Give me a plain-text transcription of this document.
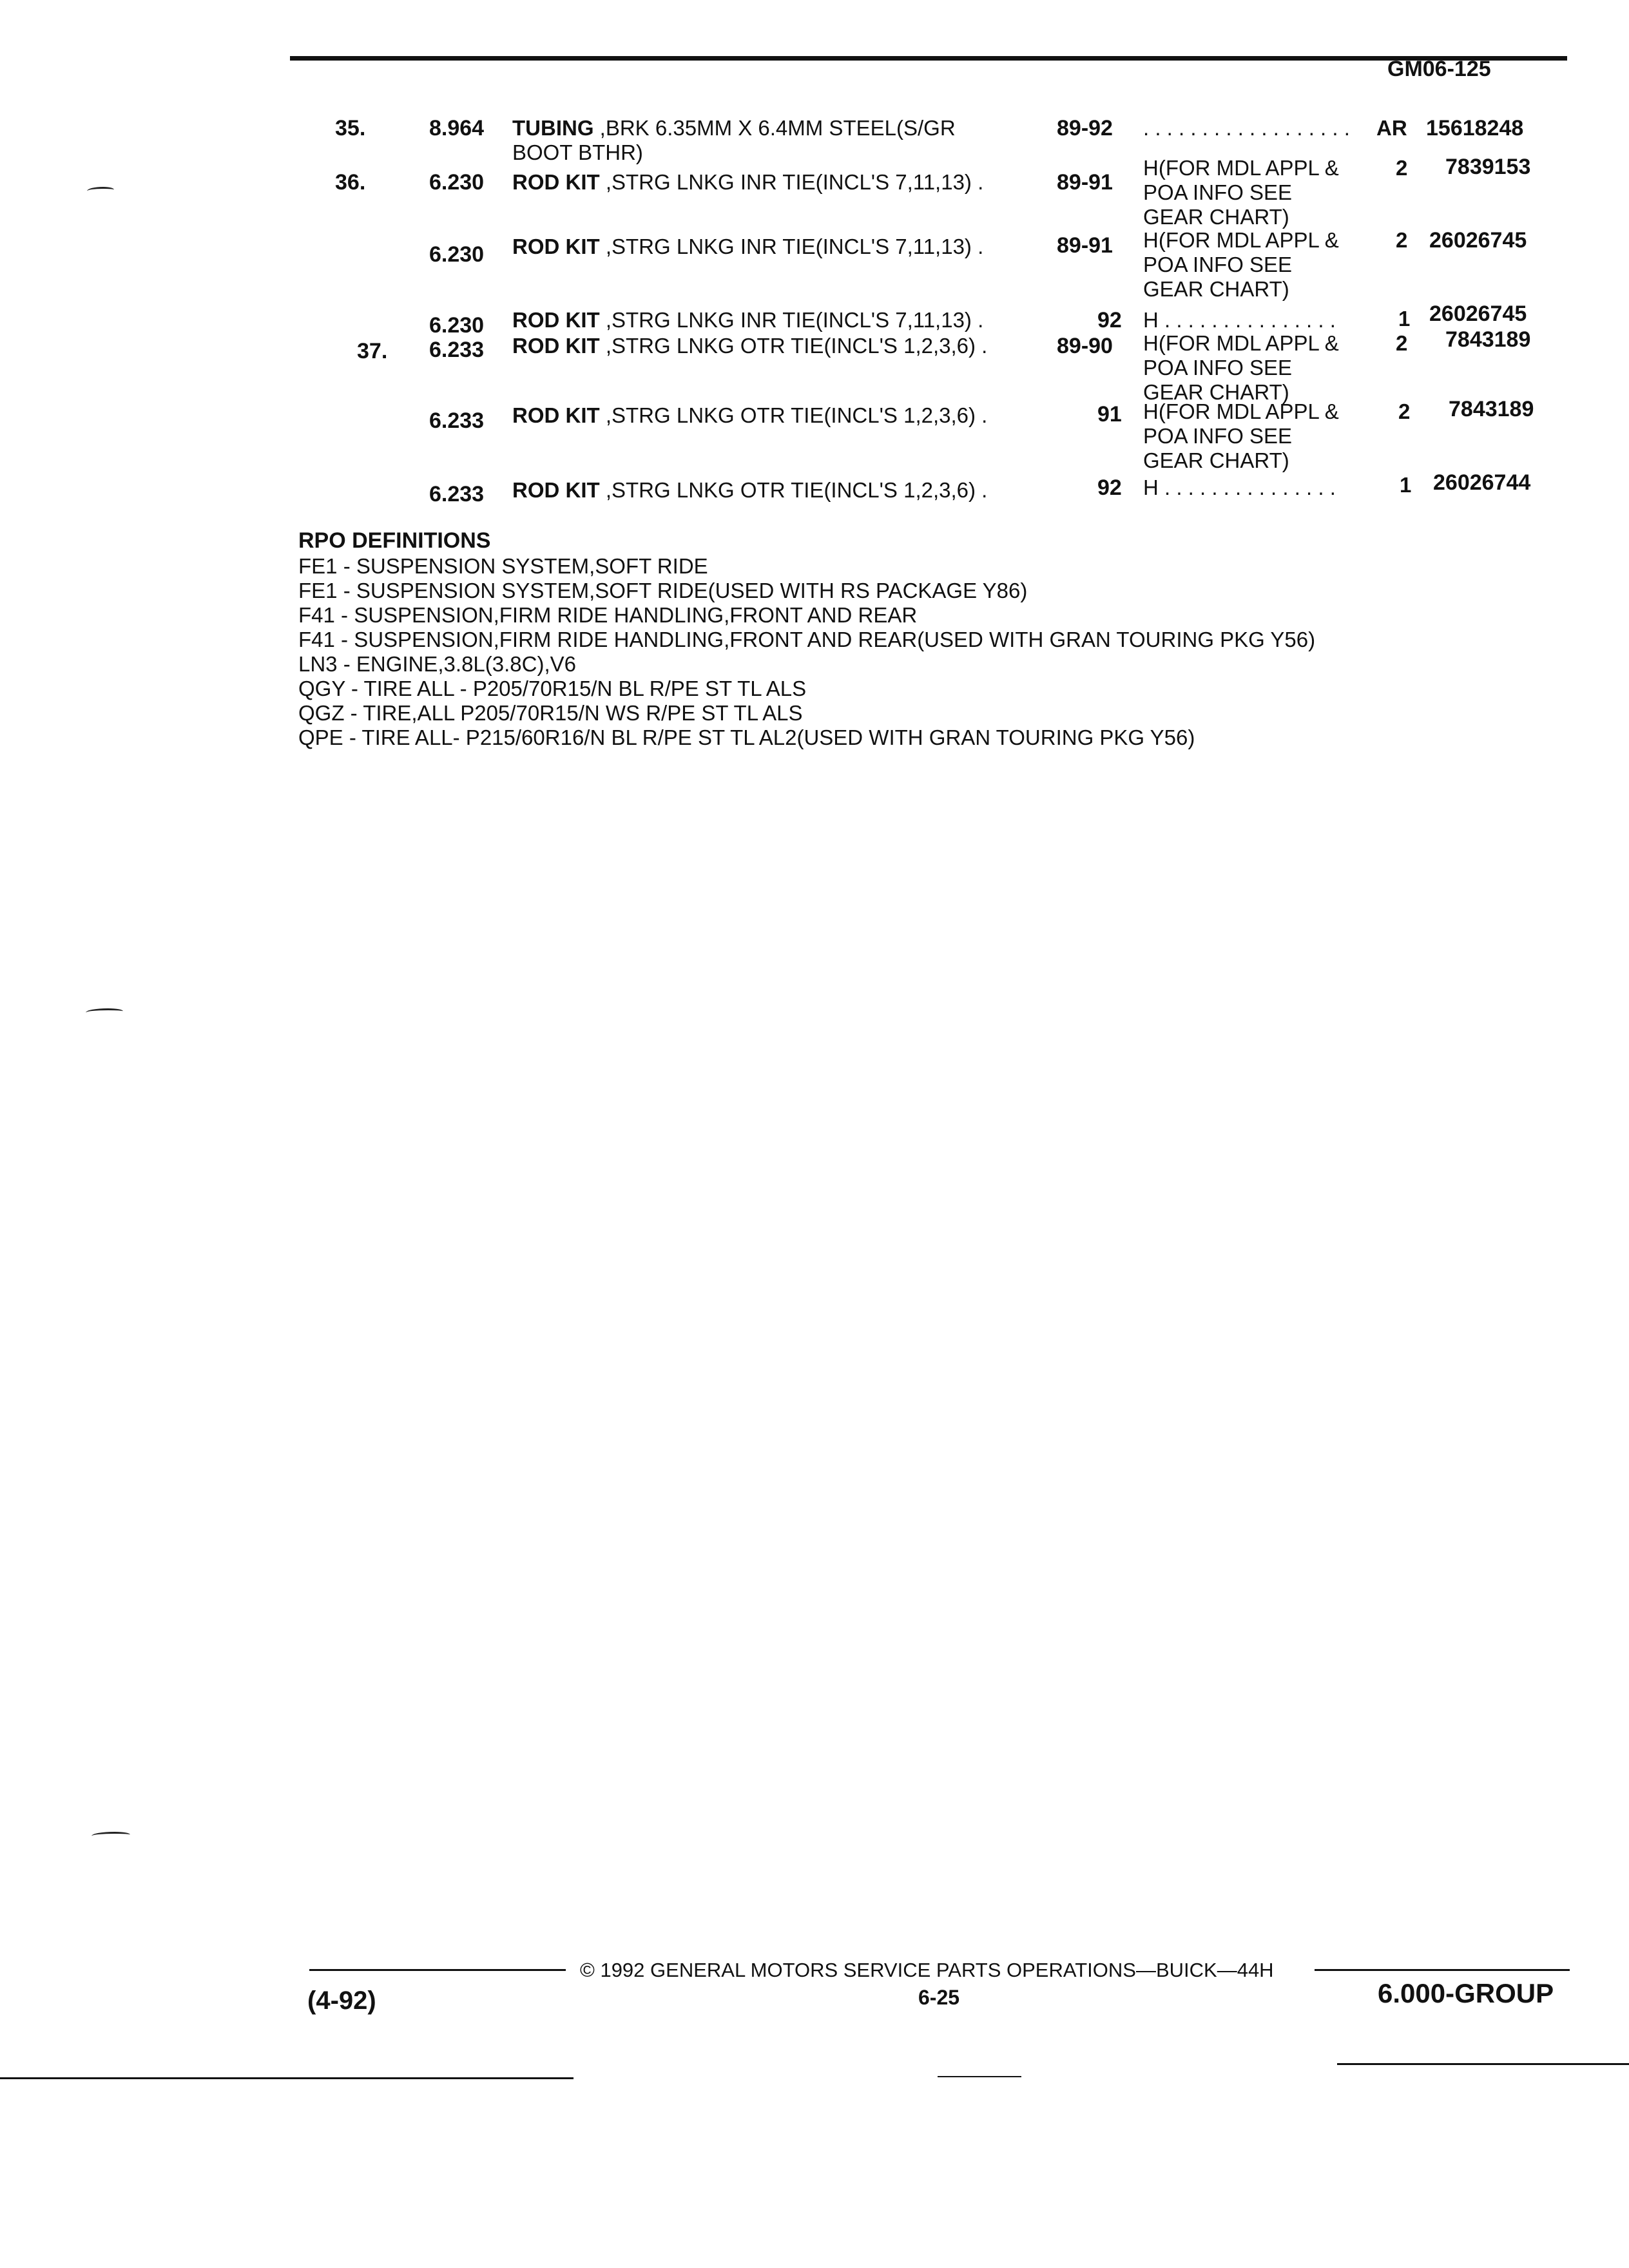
GM06-125
35.	8.964 TUBING ,BRK 6.35MM X 6.4MM STEEL(S/GR
BOOT BTHR)
89-92 . . . . . . . . . . . . . . . . . . AR 15618248
36.	6.230 ROD KIT ,STRG LNKG INR TIE(INCL'S 7,11,13) .	89-91
H(FOR MDL APPL &
POA INFO SEE
GEAR CHART)
2 7839153
6.230 ROD KIT ,STRG LNKG INR TIE(INCL'S 7,11,13) .	89-91 H(FOR MDL APPL &
POA INFO SEE
GEAR CHART)
2 26026745
6.230 ROD KIT ,STRG LNKG INR TIE(INCL'S 7,11,13) .	92 H . . . . . . . . . . . . . . .	1 26026745
37. 6.233 ROD KIT ,STRG LNKG OTR TIE(INCL'S 1,2,3,6) .	89-90 H(FOR MDL APPL &
POA INFO SEE
GEAR CHART)
2 7843189
6.233 ROD KIT ,STRG LNKG OTR TIE(INCL'S 1,2,3,6) .	91 H(FOR MDL APPL &
POA INFO SEE
GEAR CHART)
2 7843189
6.233 ROD KIT ,STRG LNKG OTR TIE(INCL'S 1,2,3,6) .	92 H . . . . . . . . . . . . . . .	1 26026744
RPO DEFINITIONS
FE1 - SUSPENSION SYSTEM,SOFT RIDE
FE1 - SUSPENSION SYSTEM,SOFT RIDE(USED WITH RS PACKAGE Y86)
F41 - SUSPENSION,FIRM RIDE HANDLING,FRONT AND REAR
F41 - SUSPENSION,FIRM RIDE HANDLING,FRONT AND REAR(USED WITH GRAN TOURING PKG Y56)
LN3 - ENGINE,3.8L(3.8C),V6
QGY - TIRE ALL - P205/70R15/N BL R/PE ST TL ALS
QGZ - TIRE,ALL P205/70R15/N WS R/PE ST TL ALS
QPE - TIRE ALL- P215/60R16/N BL R/PE ST TL AL2(USED WITH GRAN TOURING PKG Y56)
© 1992 GENERAL MOTORS SERVICE PARTS OPERATIONS—BUICK—44H
(4-92)	6-25	6.000-GROUP
